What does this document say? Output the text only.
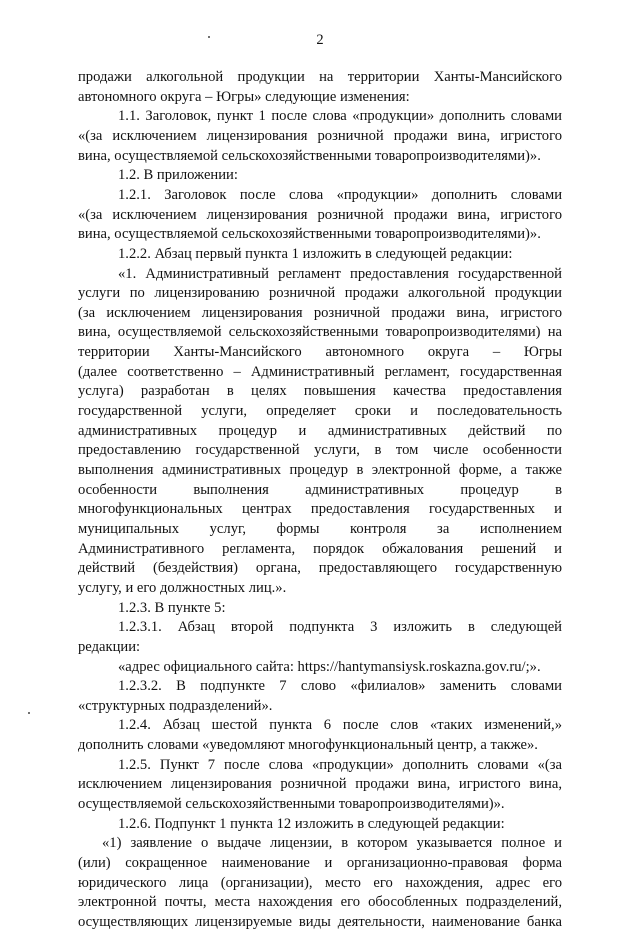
2
продажи алкогольной продукции на территории Ханты-Мансийского
автономного округа – Югры» следующие изменения:
1.1. Заголовок, пункт 1 после слова «продукции» дополнить словами
«(за исключением лицензирования розничной продажи вина, игристого
вина, осуществляемой сельскохозяйственными товаропроизводителями)».
1.2. В приложении:
1.2.1. Заголовок после слова «продукции» дополнить словами
«(за исключением лицензирования розничной продажи вина, игристого
вина, осуществляемой сельскохозяйственными товаропроизводителями)».
1.2.2. Абзац первый пункта 1 изложить в следующей редакции:
«1. Административный регламент предоставления государственной
услуги по лицензированию розничной продажи алкогольной продукции
(за исключением лицензирования розничной продажи вина, игристого
вина, осуществляемой сельскохозяйственными товаропроизводителями) на
территории Ханты-Мансийского автономного округа – Югры
(далее соответственно – Административный регламент, государственная
услуга) разработан в целях повышения качества предоставления
государственной услуги, определяет сроки и последовательность
административных процедур и административных действий по
предоставлению государственной услуги, в том числе особенности
выполнения административных процедур в электронной форме, а также
особенности выполнения административных процедур в
многофункциональных центрах предоставления государственных и
муниципальных услуг, формы контроля за исполнением
Административного регламента, порядок обжалования решений и
действий (бездействия) органа, предоставляющего государственную
услугу, и его должностных лиц.».
1.2.3. В пункте 5:
1.2.3.1. Абзац второй подпункта 3 изложить в следующей
редакции:
«адрес официального сайта: https://hantymansiysk.roskazna.gov.ru/;».
1.2.3.2. В подпункте 7 слово «филиалов» заменить словами
«структурных подразделений».
1.2.4. Абзац шестой пункта 6 после слов «таких изменений,»
дополнить словами «уведомляют многофункциональный центр, а также».
1.2.5. Пункт 7 после слова «продукции» дополнить словами «(за
исключением лицензирования розничной продажи вина, игристого вина,
осуществляемой сельскохозяйственными товаропроизводителями)».
1.2.6. Подпункт 1 пункта 12 изложить в следующей редакции:
«1) заявление о выдаче лицензии, в котором указывается полное и
(или) сокращенное наименование и организационно-правовая форма
юридического лица (организации), место его нахождения, адрес его
электронной почты, места нахождения его обособленных подразделений,
осуществляющих лицензируемые виды деятельности, наименование банка
